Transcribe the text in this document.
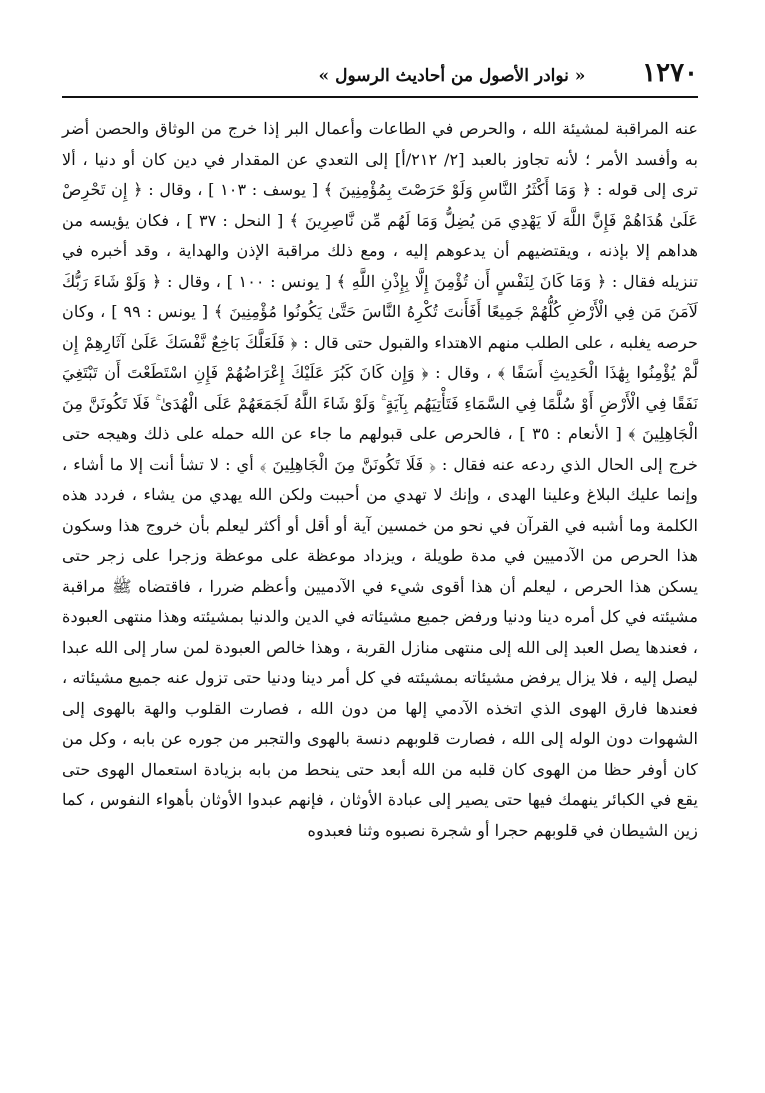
١٢٧٠
« نوادر الأصول من أحاديث الرسول »

عنه المراقبة لمشيئة الله ، والحرص في الطاعات وأعمال البر إذا خرج من الوثاق والحصن أضر به وأفسد الأمر ؛ لأنه تجاوز بالعبد [٢/ ٢١٢/أ] إلى التعدي عن المقدار في دين كان أو دنيا ، ألا ترى إلى قوله : ﴿ وَمَا أَكْثَرُ النَّاسِ وَلَوْ حَرَصْتَ بِمُؤْمِنِينَ ﴾ [ يوسف : ١٠٣ ] ، وقال : ﴿ إِن تَحْرِصْ عَلَىٰ هُدَاهُمْ فَإِنَّ اللَّهَ لَا يَهْدِي مَن يُضِلُّ وَمَا لَهُم مِّن نَّاصِرِينَ ﴾ [ النحل : ٣٧ ] ، فكان يؤيسه من هداهم إلا بإذنه ، ويقتضيهم أن يدعوهم إليه ، ومع ذلك مراقبة الإذن والهداية ، وقد أخبره في تنزيله فقال : ﴿ وَمَا كَانَ لِنَفْسٍ أَن تُؤْمِنَ إِلَّا بِإِذْنِ اللَّهِ ﴾ [ يونس : ١٠٠ ] ، وقال : ﴿ وَلَوْ شَاءَ رَبُّكَ لَآمَنَ مَن فِي الْأَرْضِ كُلُّهُمْ جَمِيعًا أَفَأَنتَ تُكْرِهُ النَّاسَ حَتَّىٰ يَكُونُوا مُؤْمِنِينَ ﴾ [ يونس : ٩٩ ] ، وكان حرصه يغلبه ، على الطلب منهم الاهتداء والقبول حتى قال : ﴿ فَلَعَلَّكَ بَاخِعٌ نَّفْسَكَ عَلَىٰ آثَارِهِمْ إِن لَّمْ يُؤْمِنُوا بِهَٰذَا الْحَدِيثِ أَسَفًا ﴾ ، وقال : ﴿ وَإِن كَانَ كَبُرَ عَلَيْكَ إِعْرَاضُهُمْ فَإِنِ اسْتَطَعْتَ أَن تَبْتَغِيَ نَفَقًا فِي الْأَرْضِ أَوْ سُلَّمًا فِي السَّمَاءِ فَتَأْتِيَهُم بِآيَةٍ ۚ وَلَوْ شَاءَ اللَّهُ لَجَمَعَهُمْ عَلَى الْهُدَىٰ ۚ فَلَا تَكُونَنَّ مِنَ الْجَاهِلِينَ ﴾ [ الأنعام : ٣٥ ] ، فالحرص على قبولهم ما جاء عن الله حمله على ذلك وهيجه حتى خرج إلى الحال الذي ردعه عنه فقال : ﴿ فَلَا تَكُونَنَّ مِنَ الْجَاهِلِينَ ﴾ أي : لا تشأ أنت إلا ما أشاء ، وإنما عليك البلاغ وعلينا الهدى ، وإنك لا تهدي من أحببت ولكن الله يهدي من يشاء ، فردد هذه الكلمة وما أشبه في القرآن في نحو من خمسين آية أو أقل أو أكثر ليعلم بأن خروج هذا وسكون هذا الحرص من الآدميين في مدة طويلة ، ويزداد موعظة على موعظة وزجرا على زجر حتى يسكن هذا الحرص ، ليعلم أن هذا أقوى شيء في الآدميين وأعظم ضررا ، فاقتضاه ﷺ مراقبة مشيئته في كل أمره دينا ودنيا ورفض جميع مشيئاته في الدين والدنيا بمشيئته وهذا منتهى العبودة ، فعندها يصل العبد إلى الله إلى منتهى منازل القربة ، وهذا خالص العبودة لمن سار إلى الله عبدا ليصل إليه ، فلا يزال يرفض مشيئاته بمشيئته في كل أمر دينا ودنيا حتى تزول عنه جميع مشيئاته ، فعندها فارق الهوى الذي اتخذه الآدمي إلها من دون الله ، فصارت القلوب والهة بالهوى إلى الشهوات دون الوله إلى الله ، فصارت قلوبهم دنسة بالهوى والتجبر من جوره عن بابه ، وكل من كان أوفر حظا من الهوى كان قلبه من الله أبعد حتى ينحط من بابه بزيادة استعمال الهوى حتى يقع في الكبائر ينهمك فيها حتى يصير إلى عبادة الأوثان ، فإنهم عبدوا الأوثان بأهواء النفوس ، كما زين الشيطان في قلوبهم حجرا أو شجرة نصبوه وثنا فعبدوه
